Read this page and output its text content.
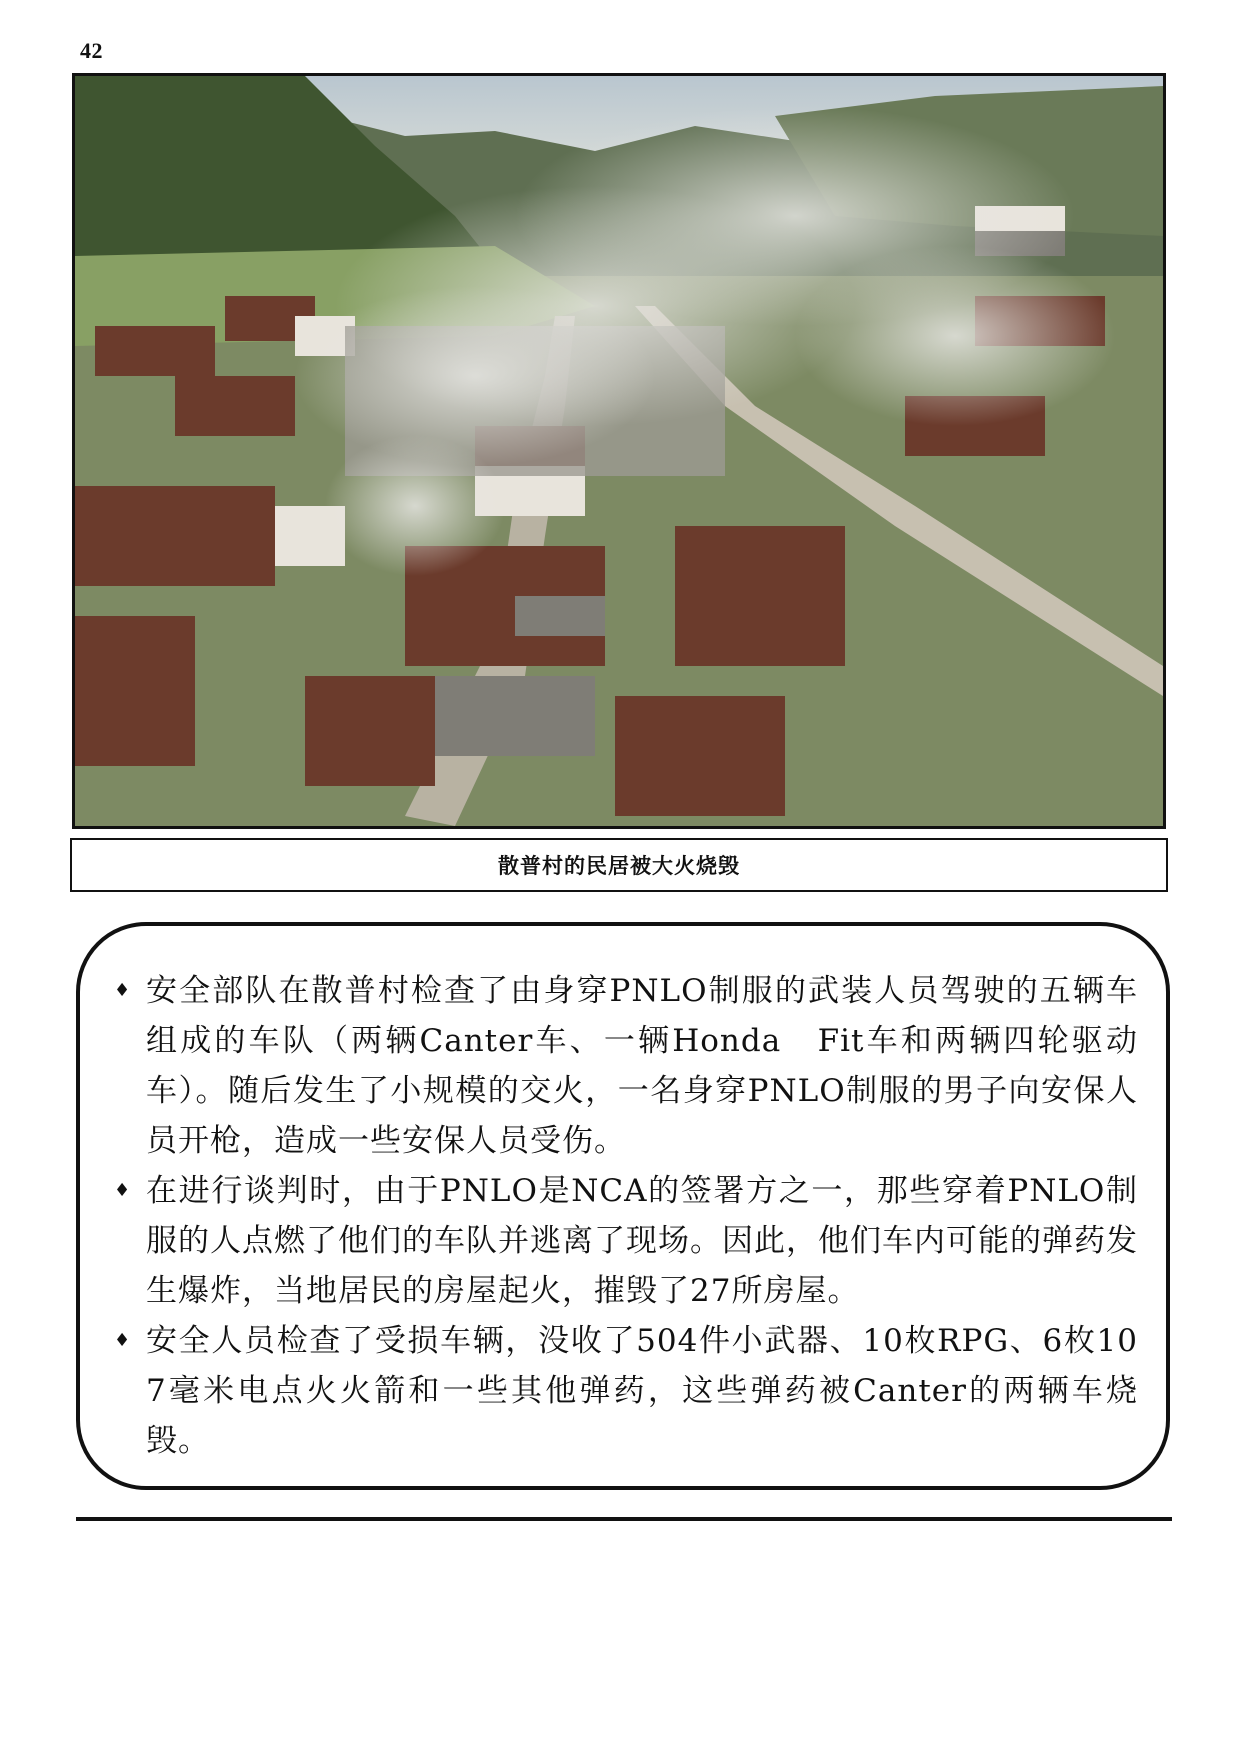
42
散普村的民居被大火烧毁
♦ 安全部队在散普村检查了由身穿PNLO制服的武装人员驾驶的五辆车组成的车队（两辆Canter车、一辆Honda　Fit车和两辆四轮驱动车）。随后发生了小规模的交火，一名身穿PNLO制服的男子向安保人员开枪，造成一些安保人员受伤。
♦ 在进行谈判时，由于PNLO是NCA的签署方之一，那些穿着PNLO制服的人点燃了他们的车队并逃离了现场。因此，他们车内可能的弹药发生爆炸，当地居民的房屋起火，摧毁了27所房屋。
♦ 安全人员检查了受损车辆，没收了504件小武器、10枚RPG、6枚107毫米电点火火箭和一些其他弹药，这些弹药被Canter的两辆车烧毁。
